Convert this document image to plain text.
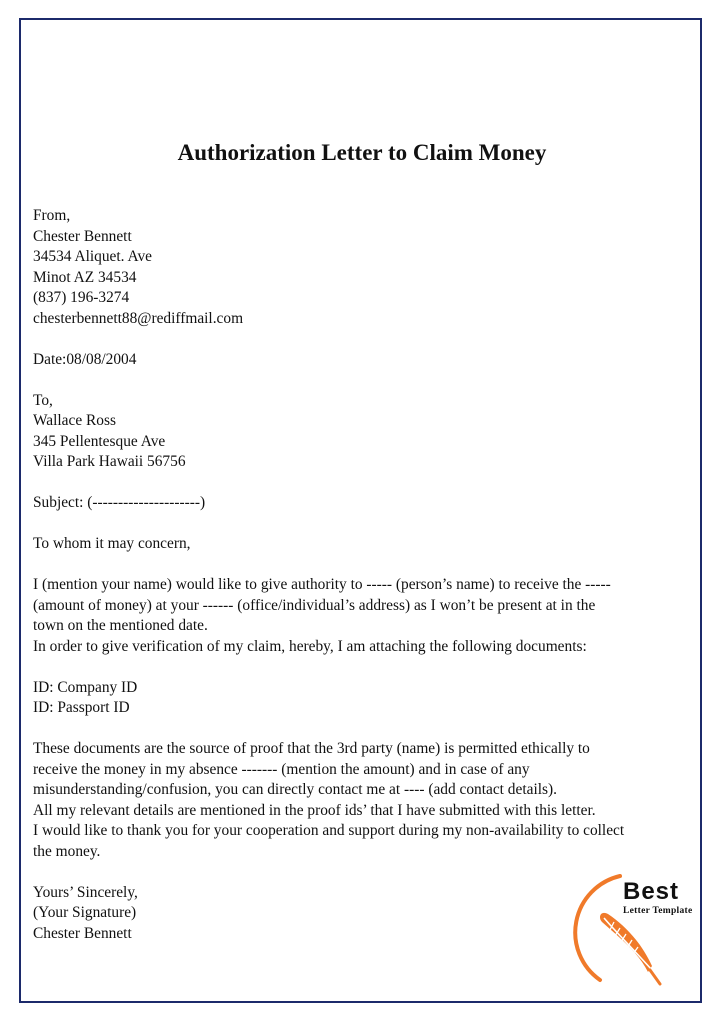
Authorization Letter to Claim Money
From,
Chester Bennett
34534 Aliquet. Ave
Minot AZ 34534
(837) 196-3274
chesterbennett88@rediffmail.com
Date:08/08/2004
To,
Wallace Ross
345 Pellentesque Ave
Villa Park Hawaii 56756
Subject: (---------------------)
To whom it may concern,
I (mention your name) would like to give authority to ----- (person’s name) to receive the -----
(amount of money) at your ------ (office/individual’s address) as I won’t be present at in the
town on the mentioned date.
In order to give verification of my claim, hereby, I am attaching the following documents:
ID: Company ID
ID: Passport ID
These documents are the source of proof that the 3rd party (name) is permitted ethically to
receive the money in my absence ------- (mention the amount) and in case of any
misunderstanding/confusion, you can directly contact me at ---- (add contact details).
All my relevant details are mentioned in the proof ids’ that I have submitted with this letter.
I would like to thank you for your cooperation and support during my non-availability to collect
the money.
Yours’ Sincerely,
(Your Signature)
Chester Bennett
Best
Letter Template
